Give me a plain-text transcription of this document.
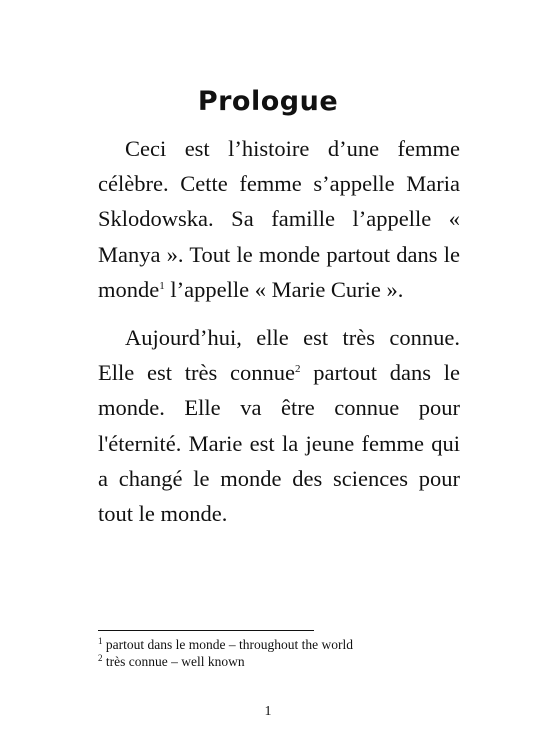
Prologue

Ceci est l’histoire d’une femme célèbre. Cette femme s’appelle Maria Sklodowska. Sa famille l’appelle « Manya ». Tout le monde partout dans le monde$^1$ l’appelle « Marie Curie ».

Aujourd’hui, elle est très connue. Elle est très connue$^2$ partout dans le monde. Elle va être connue pour l'éternité. Marie est la jeune femme qui a changé le monde des sciences pour tout le monde.

$^1$ partout dans le monde – throughout the world
$^2$ très connue – well known
1
